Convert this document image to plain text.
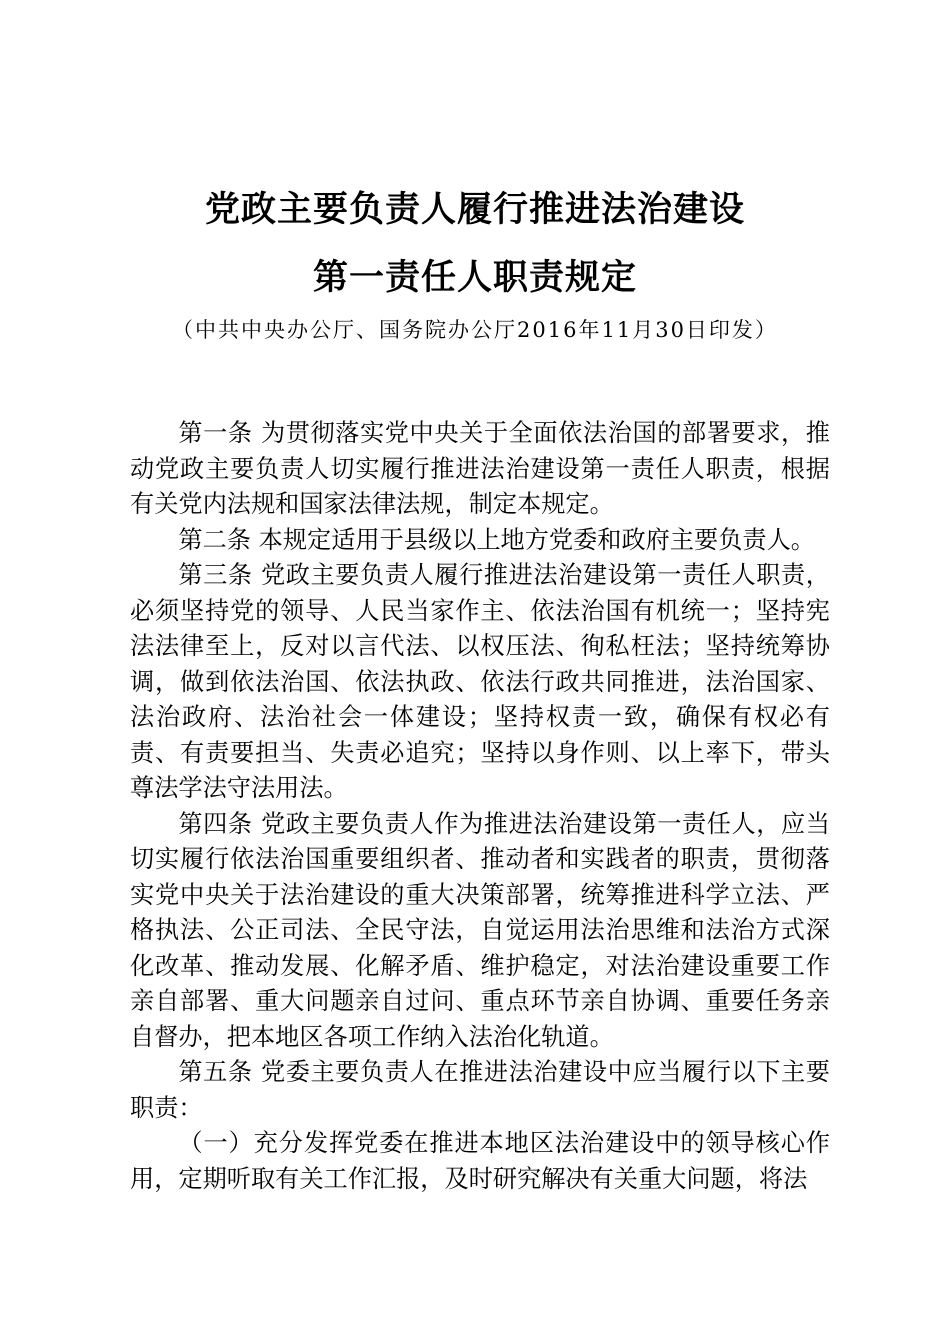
党政主要负责人履行推进法治建设
第一责任人职责规定
（中共中央办公厅、国务院办公厅2016年11月30日印发）

第一条 为贯彻落实党中央关于全面依法治国的部署要求，推动党政主要负责人切实履行推进法治建设第一责任人职责，根据有关党内法规和国家法律法规，制定本规定。

第二条 本规定适用于县级以上地方党委和政府主要负责人。

第三条 党政主要负责人履行推进法治建设第一责任人职责，必须坚持党的领导、人民当家作主、依法治国有机统一；坚持宪法法律至上，反对以言代法、以权压法、徇私枉法；坚持统筹协调，做到依法治国、依法执政、依法行政共同推进，法治国家、法治政府、法治社会一体建设；坚持权责一致，确保有权必有责、有责要担当、失责必追究；坚持以身作则、以上率下，带头尊法学法守法用法。

第四条 党政主要负责人作为推进法治建设第一责任人，应当切实履行依法治国重要组织者、推动者和实践者的职责，贯彻落实党中央关于法治建设的重大决策部署，统筹推进科学立法、严格执法、公正司法、全民守法，自觉运用法治思维和法治方式深化改革、推动发展、化解矛盾、维护稳定，对法治建设重要工作亲自部署、重大问题亲自过问、重点环节亲自协调、重要任务亲自督办，把本地区各项工作纳入法治化轨道。

第五条 党委主要负责人在推进法治建设中应当履行以下主要职责：

（一）充分发挥党委在推进本地区法治建设中的领导核心作用，定期听取有关工作汇报，及时研究解决有关重大问题，将法
